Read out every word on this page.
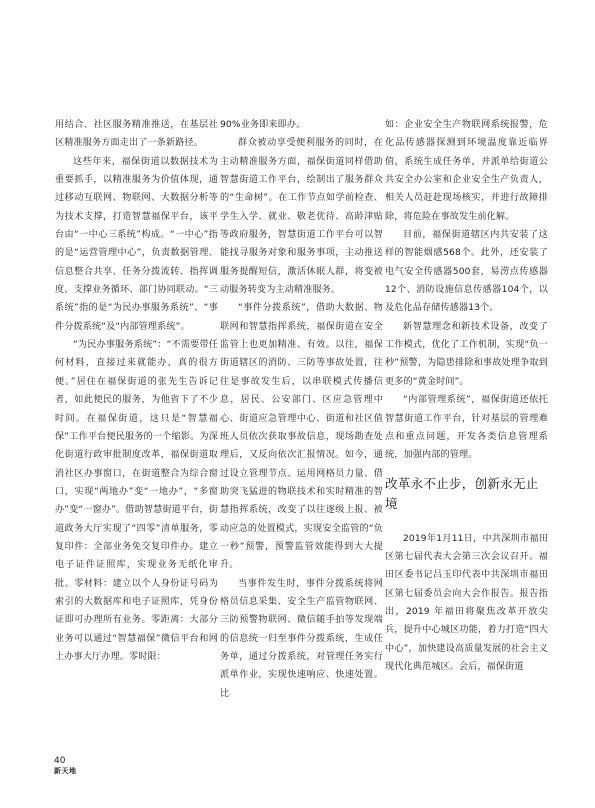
用结合、社区服务精准推送，在基层社区精准服务方面走出了一条新路径。

这些年来，福保街道以数据技术为重要抓手，以精准服务为价值体现，通过移动互联网、物联网、大数据分析等为技术支撑，打造智慧福保平台，该平台由“一中心三系统”构成。“一中心”指的是“运营管理中心”，负责数据管理、信息整合共享、任务分拨流转、指挥调度、支撑业务循环、部门协同联动。“三系统”指的是“为民办事服务系统”、“事件分拨系统”及“内部管理系统”。

“为民办事服务系统”：“不需要带任何材料，直接过来就能办，真的很方便。”居住在福保街道的张先生告诉记者，如此便民的服务，为他省下了不少时间。在福保街道，这只是“智慧福保”工作平台便民服务的一个缩影。为深化街道行政审批制度改革，福保街道取消社区办事窗口，在街道整合为综合窗口，实现“两地办”变“一地办”，“多窗办”变“一窗办”。借助智慧街道平台，街道政务大厅实现了“四零”清单服务，零复印件：全部业务免交复印件办。建立电子证件证照库，实现业务无纸化审批。零材料：建立以个人身份证号码为索引的大数据库和电子证照库，凭身份证即可办理所有业务。零距离：大部分业务可以通过“智慧福保”微信平台和网上办事大厅办理。零时限：

90%业务即来即办。

群众被动享受便利服务的同时，在主动精准服务方面，福保街道同样借助智慧街道工作平台，绘制出了服务群众的“生命树”。在工作节点如学前检查、学生入学、就业、敬老优待、高龄津贴等政府服务，智慧街道工作平台可以智能找寻服务对象和服务事项，主动推送服务提醒短信，激活休眠人群，将变被动服务转变为主动精准服务。

“事件分拨系统”，借助大数据、物联网和智慧指挥系统，福保街道在安全监管上也更加精准、有效。以往，福保街道辖区的消防、三防等事故处置，往往是事故发生后，以串联模式传播信息，居民、公安部门、区应急管理中心、街道应急管理中心、街道和社区值班人员依次获取事故信息，现场勘查处理后，又反向依次汇报情况。如今，通过设立管理节点、运用网格员力量、借助突飞猛进的物联技术和实时精准的智慧指挥系统，改变了以往逐级上报、被动应急的处置模式，实现安全监管的“负一秒”预警，预警监管效能得到大大提升。

当事件发生时，事件分拨系统将网格员信息采集、安全生产监管物联网、三防预警物联网、微信随手拍等发现端的信息统一归至事件分拨系统，生成任务单，通过分拨系统，对管理任务实行派单作业，实现快速响应、快速处置。比

如：企业安全生产物联网系统报警，危化品传感器探测到环境温度靠近临界值，系统生成任务单，并派单给街道公共安全办公室和企业安全生产负责人，相关人员赶赴现场核实，并进行故障排除，将危险在事故发生前化解。

目前，福保街道辖区内共安装了这样的智能烟感568个。此外，还安装了电气安全传感器500套，易涝点传感器12个、消防设施信息传感器104个，以及危化品存储传感器13个。

新智慧理念和新技术设备，改变了工作模式，优化了工作机制，实现“负一秒”预警，为隐患排除和事故处理争取到更多的“黄金时间”。

“内部管理系统”，福保街道还依托智慧街道工作平台，针对基层的管理难点和重点问题，开发各类信息管理系统，加强内部的管理。

改革永不止步，创新永无止境

2019年1月11日，中共深圳市福田区第七届代表大会第三次会议召开。福田区委书记吕玉印代表中共深圳市福田区第七届委员会向大会作报告。报告指出，2019 年福田将聚焦改革开放尖兵，提升中心城区功能，着力打造“四大中心”，加快建设高质量发展的社会主义现代化典范城区。会后，福保街道

40
新天地
